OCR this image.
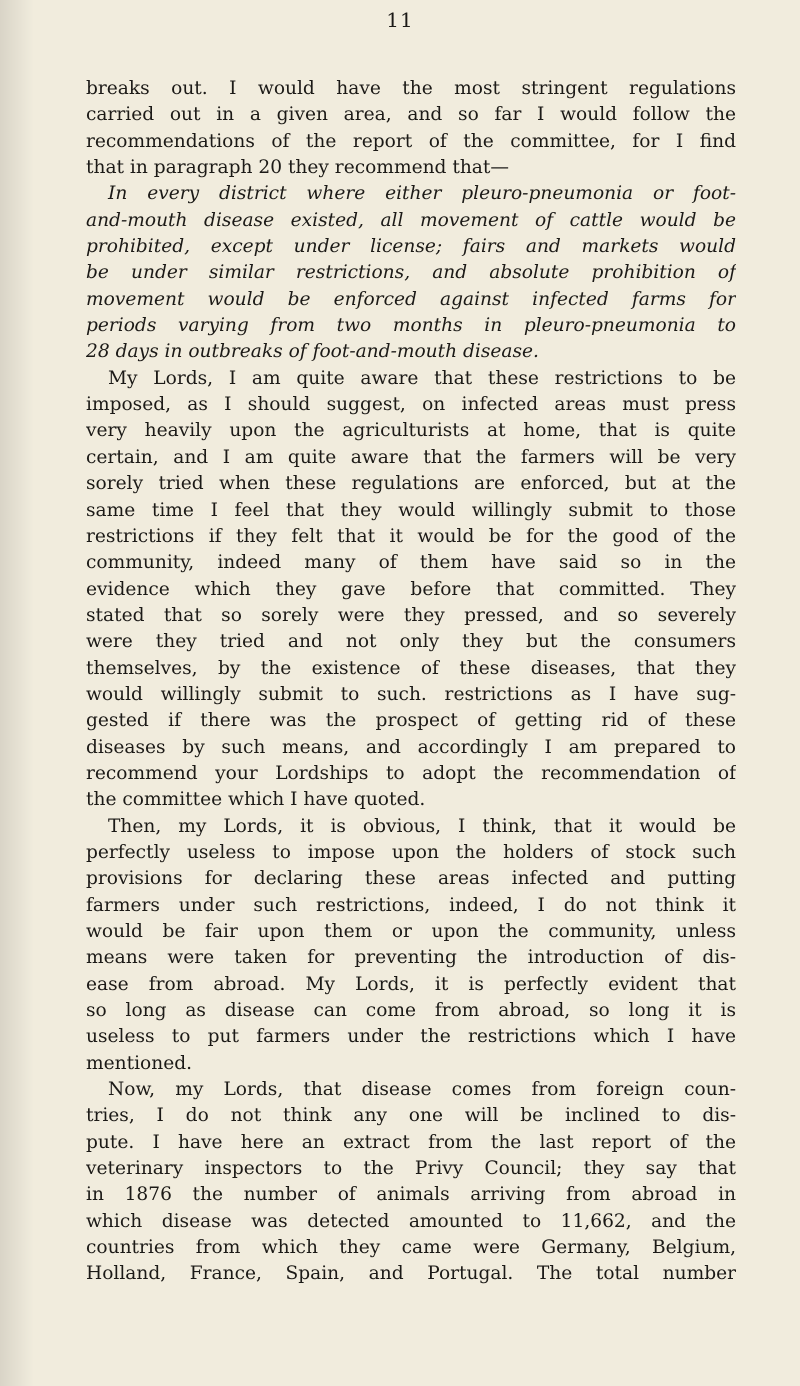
11
breaks out. I would have the most stringent regulations
carried out in a given area, and so far I would follow the
recommendations of the report of the committee, for I find
that in paragraph 20 they recommend that—
In every district where either pleuro-pneumonia or foot-
and-mouth disease existed, all movement of cattle would be
prohibited, except under license; fairs and markets would
be under similar restrictions, and absolute prohibition of
movement would be enforced against infected farms for
periods varying from two months in pleuro-pneumonia to
28 days in outbreaks of foot-and-mouth disease.
My Lords, I am quite aware that these restrictions to be
imposed, as I should suggest, on infected areas must press
very heavily upon the agriculturists at home, that is quite
certain, and I am quite aware that the farmers will be very
sorely tried when these regulations are enforced, but at the
same time I feel that they would willingly submit to those
restrictions if they felt that it would be for the good of the
community, indeed many of them have said so in the
evidence which they gave before that committed. They
stated that so sorely were they pressed, and so severely
were they tried and not only they but the consumers
themselves, by the existence of these diseases, that they
would willingly submit to such. restrictions as I have sug-
gested if there was the prospect of getting rid of these
diseases by such means, and accordingly I am prepared to
recommend your Lordships to adopt the recommendation of
the committee which I have quoted.
Then, my Lords, it is obvious, I think, that it would be
perfectly useless to impose upon the holders of stock such
provisions for declaring these areas infected and putting
farmers under such restrictions, indeed, I do not think it
would be fair upon them or upon the community, unless
means were taken for preventing the introduction of dis-
ease from abroad. My Lords, it is perfectly evident that
so long as disease can come from abroad, so long it is
useless to put farmers under the restrictions which I have
mentioned.
Now, my Lords, that disease comes from foreign coun-
tries, I do not think any one will be inclined to dis-
pute. I have here an extract from the last report of the
veterinary inspectors to the Privy Council; they say that
in 1876 the number of animals arriving from abroad in
which disease was detected amounted to 11,662, and the
countries from which they came were Germany, Belgium,
Holland, France, Spain, and Portugal. The total number
